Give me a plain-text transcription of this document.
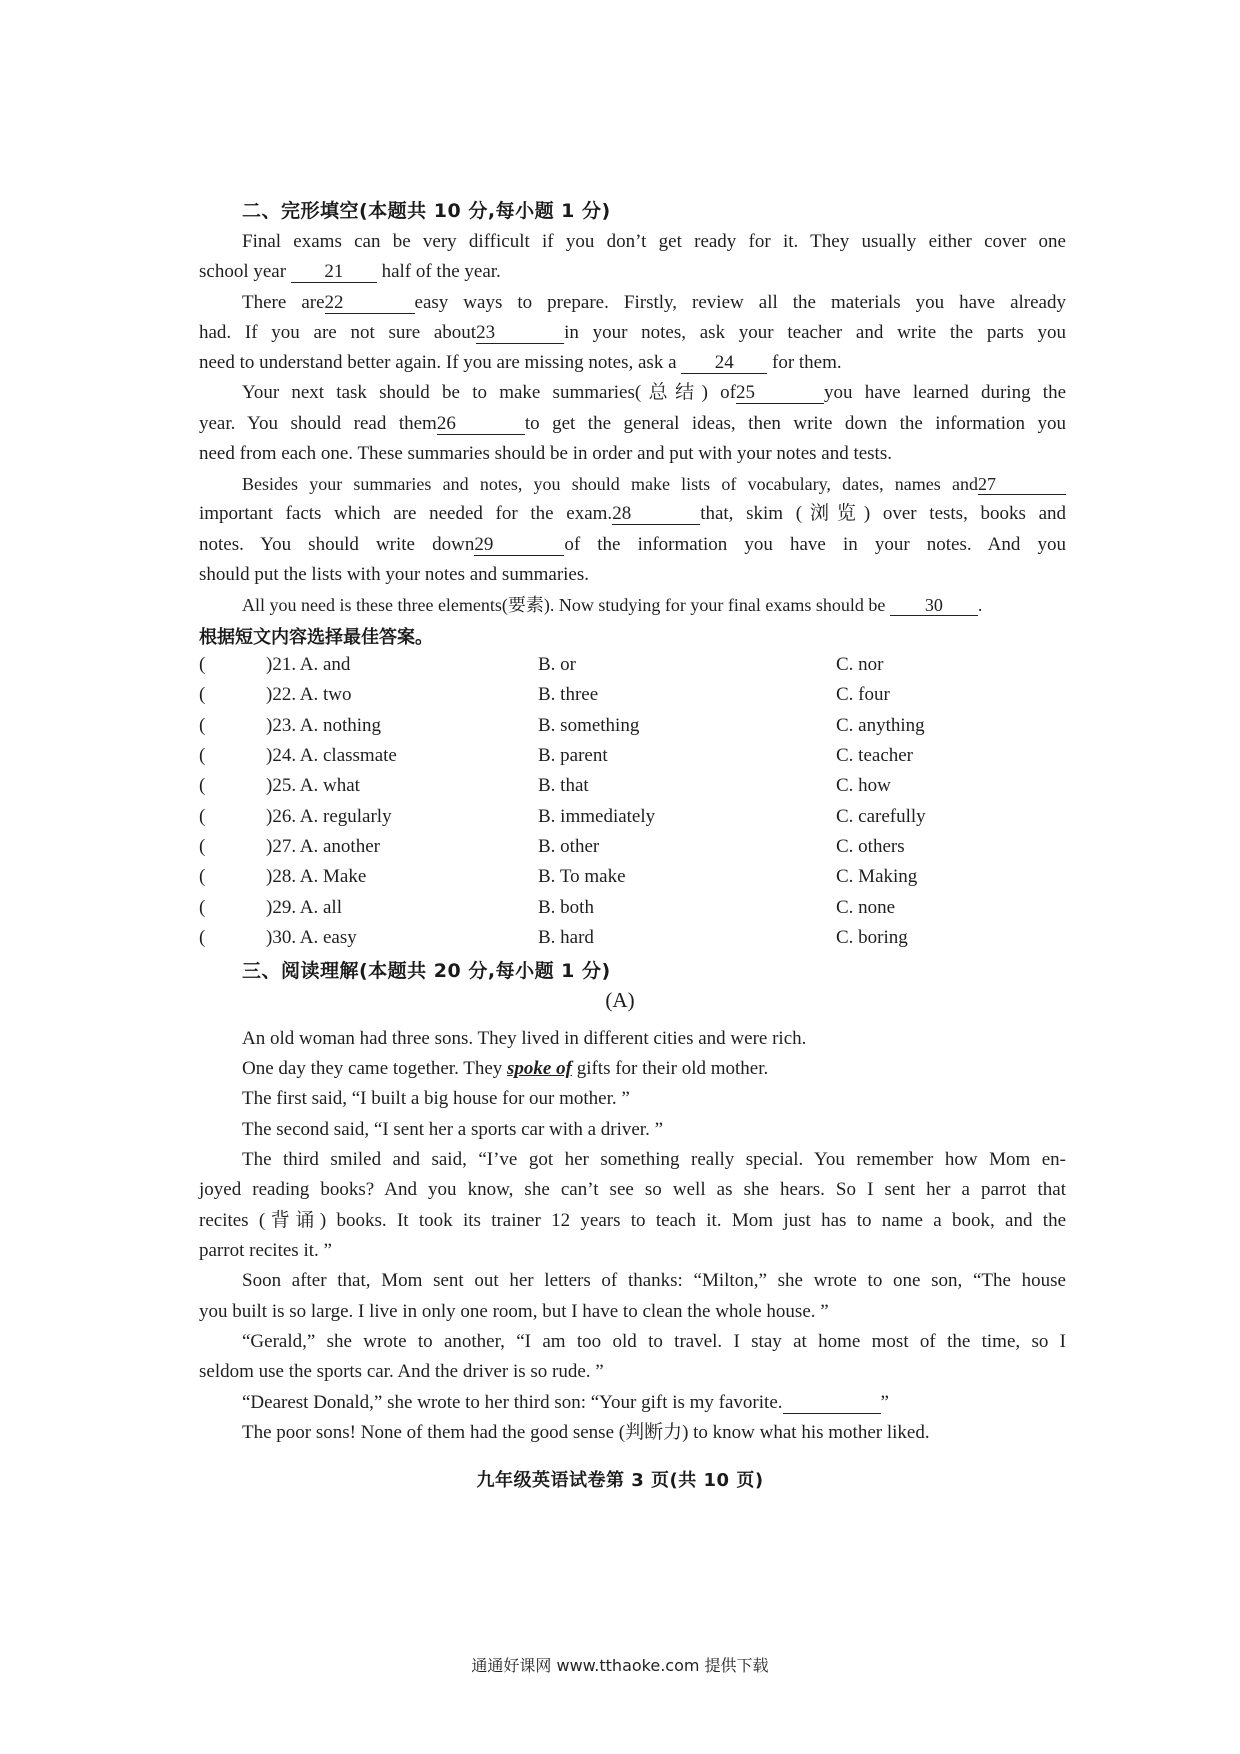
二、完形填空(本题共 10 分,每小题 1 分)
Final exams can be very difficult if you don’t get ready for it. They usually either cover one
school year 21 half of the year.
There are22	easy ways to prepare. Firstly, review all the materials you have already
had. If you are not sure about23	in your notes, ask your teacher and write the parts you
need to understand better again. If you are missing notes, ask a 24 for them.
Your next task should be to make summaries(总结) of25	you have learned during the
year. You should read them26	to get the general ideas, then write down the information you
need from each one. These summaries should be in order and put with your notes and tests.
Besides your summaries and notes, you should make lists of vocabulary, dates, names and27
important facts which are needed for the exam.28	that, skim (浏览) over tests, books and
notes. You should write down29	of the information you have in your notes. And you
should put the lists with your notes and summaries.
All you need is these three elements(要素). Now studying for your final exams should be 30 .
根据短文内容选择最佳答案。
(	)21. A. and	B. or	C. nor
(	)22. A. two	B. three	C. four
(	)23. A. nothing	B. something	C. anything
(	)24. A. classmate	B. parent	C. teacher
(	)25. A. what	B. that	C. how
(	)26. A. regularly	B. immediately	C. carefully
(	)27. A. another	B. other	C. others
(	)28. A. Make	B. To make	C. Making
(	)29. A. all	B. both	C. none
(	)30. A. easy	B. hard	C. boring
三、阅读理解(本题共 20 分,每小题 1 分)
(A)
An old woman had three sons. They lived in different cities and were rich.
One day they came together. They spoke of gifts for their old mother.
The first said, “I built a big house for our mother. ”
The second said, “I sent her a sports car with a driver. ”
The third smiled and said, “I’ve got her something really special. You remember how Mom en-
joyed reading books? And you know, she can’t see so well as she hears. So I sent her a parrot that
recites (背诵) books. It took its trainer 12 years to teach it. Mom just has to name a book, and the
parrot recites it. ”
Soon after that, Mom sent out her letters of thanks: “Milton,” she wrote to one son, “The house
you built is so large. I live in only one room, but I have to clean the whole house. ”
“Gerald,” she wrote to another, “I am too old to travel. I stay at home most of the time, so I
seldom use the sports car. And the driver is so rude. ”
“Dearest Donald,” she wrote to her third son: “Your gift is my favorite.	”
The poor sons! None of them had the good sense (判断力) to know what his mother liked.
九年级英语试卷第 3 页(共 10 页)
通通好课网 www.tthaoke.com 提供下载
